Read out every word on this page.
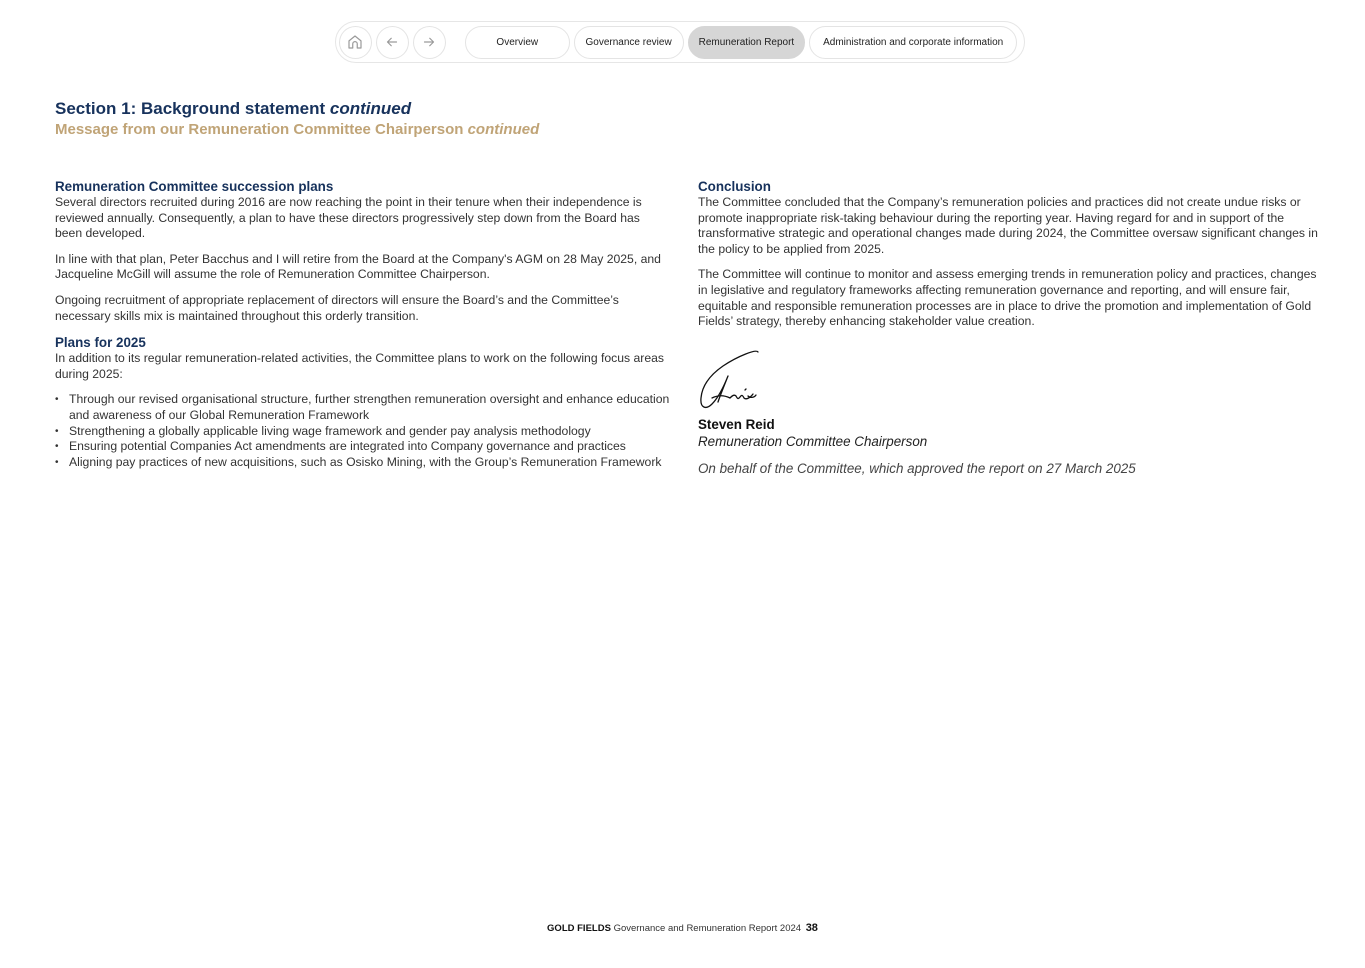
Overview	Governance review	Remuneration Report	Administration and corporate information
Section 1: Background statement continued
Message from our Remuneration Committee Chairperson continued
Remuneration Committee succession plans

Several directors recruited during 2016 are now reaching the point in their tenure when their independence is reviewed annually. Consequently, a plan to have these directors progressively step down from the Board has been developed.

In line with that plan, Peter Bacchus and I will retire from the Board at the Company's AGM on 28 May 2025, and Jacqueline McGill will assume the role of Remuneration Committee Chairperson.

Ongoing recruitment of appropriate replacement of directors will ensure the Board’s and the Committee’s necessary skills mix is maintained throughout this orderly transition.

Plans for 2025

In addition to its regular remuneration-related activities, the Committee plans to work on the following focus areas during 2025:

• Through our revised organisational structure, further strengthen remuneration oversight and enhance education and awareness of our Global Remuneration Framework
• Strengthening a globally applicable living wage framework and gender pay analysis methodology
• Ensuring potential Companies Act amendments are integrated into Company governance and practices
• Aligning pay practices of new acquisitions, such as Osisko Mining, with the Group’s Remuneration Framework
Conclusion

The Committee concluded that the Company’s remuneration policies and practices did not create undue risks or promote inappropriate risk-taking behaviour during the reporting year. Having regard for and in support of the transformative strategic and operational changes made during 2024, the Committee oversaw significant changes in the policy to be applied from 2025.

The Committee will continue to monitor and assess emerging trends in remuneration policy and practices, changes in legislative and regulatory frameworks affecting remuneration governance and reporting, and will ensure fair, equitable and responsible remuneration processes are in place to drive the promotion and implementation of Gold Fields’ strategy, thereby enhancing stakeholder value creation.

Steven Reid
Remuneration Committee Chairperson
On behalf of the Committee, which approved the report on 27 March 2025
GOLD FIELDS Governance and Remuneration Report 2024 38
